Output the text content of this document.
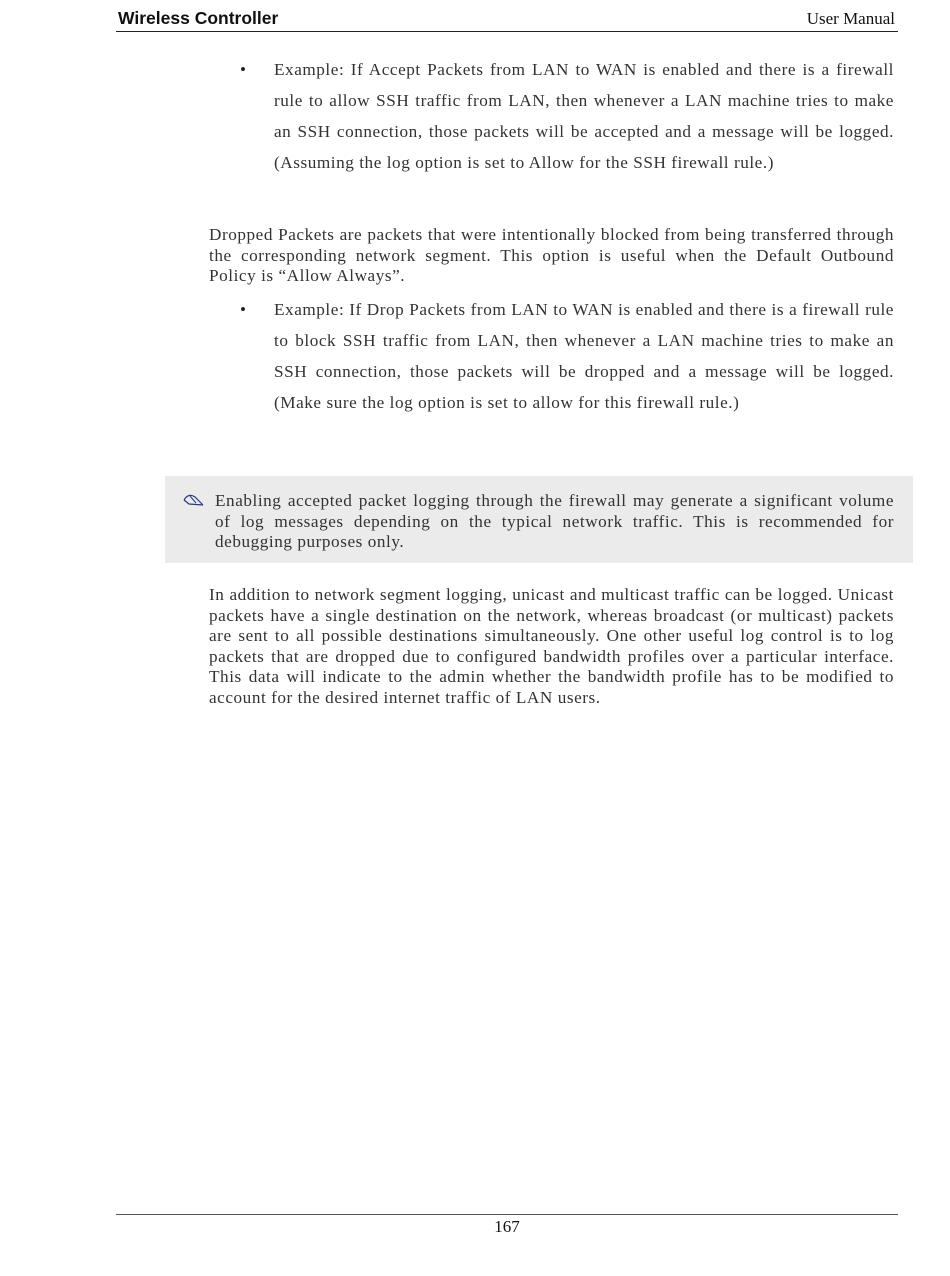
Wireless Controller	User Manual
• Example: If Accept Packets from LAN to WAN is enabled and there is a firewall rule to allow SSH traffic from LAN, then whenever a LAN machine tries to make an SSH connection, those packets will be accepted and a message will be logged. (Assuming the log option is set to Allow for the SSH firewall rule.)
Dropped Packets are packets that were intentionally blocked from being transferred through the corresponding network segment. This option is useful when the Default Outbound Policy is “Allow Always”.
• Example: If Drop Packets from LAN to WAN is enabled and there is a firewall rule to block SSH traffic from LAN, then whenever a LAN machine tries to make an SSH connection, those packets will be dropped and a message will be logged. (Make sure the log option is set to allow for this firewall rule.)
Enabling accepted packet logging through the firewall may generate a significant volume of log messages depending on the typical network traffic. This is recommended for debugging purposes only.
In addition to network segment logging, unicast and multicast traffic can be logged. Unicast packets have a single destination on the network, whereas broadcast (or multicast) packets are sent to all possible destinations simultaneously. One other useful log control is to log packets that are dropped due to configured bandwidth profiles over a particular interface. This data will indicate to the admin whether the bandwidth profile has to be modified to account for the desired internet traffic of LAN users.
167
